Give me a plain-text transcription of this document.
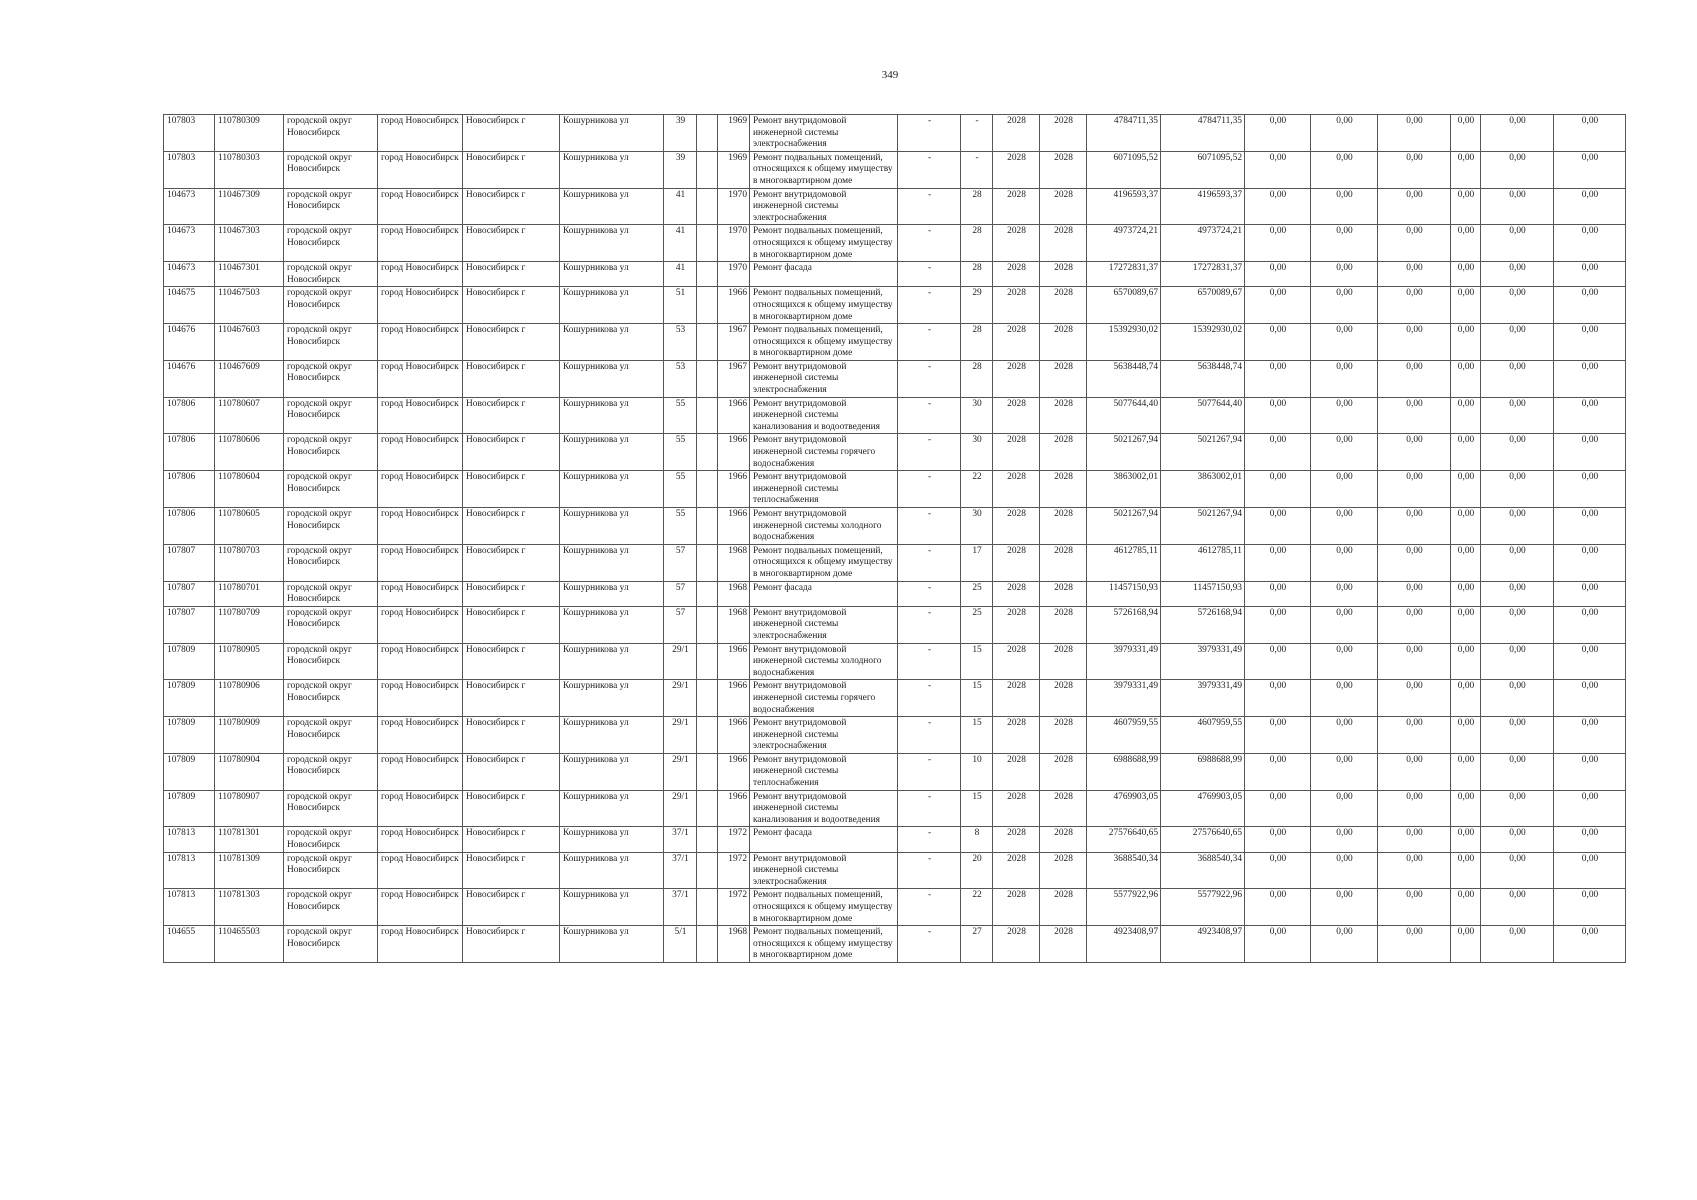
349
107803	110780309	городской округ Новосибирск	город Новосибирск	Новосибирск г	Кошурникова ул	39		1969	Ремонт внутридомовой инженерной системы электроснабжения	-	-	2028	2028	4784711,35	4784711,35	0,00	0,00	0,00	0,00	0,00	0,00
107803	110780303	городской округ Новосибирск	город Новосибирск	Новосибирск г	Кошурникова ул	39		1969	Ремонт подвальных помещений, относящихся к общему имуществу в многоквартирном доме	-	-	2028	2028	6071095,52	6071095,52	0,00	0,00	0,00	0,00	0,00	0,00
104673	110467309	городской округ Новосибирск	город Новосибирск	Новосибирск г	Кошурникова ул	41		1970	Ремонт внутридомовой инженерной системы электроснабжения	-	28	2028	2028	4196593,37	4196593,37	0,00	0,00	0,00	0,00	0,00	0,00
104673	110467303	городской округ Новосибирск	город Новосибирск	Новосибирск г	Кошурникова ул	41		1970	Ремонт подвальных помещений, относящихся к общему имуществу в многоквартирном доме	-	28	2028	2028	4973724,21	4973724,21	0,00	0,00	0,00	0,00	0,00	0,00
104673	110467301	городской округ Новосибирск	город Новосибирск	Новосибирск г	Кошурникова ул	41		1970	Ремонт фасада	-	28	2028	2028	17272831,37	17272831,37	0,00	0,00	0,00	0,00	0,00	0,00
104675	110467503	городской округ Новосибирск	город Новосибирск	Новосибирск г	Кошурникова ул	51		1966	Ремонт подвальных помещений, относящихся к общему имуществу в многоквартирном доме	-	29	2028	2028	6570089,67	6570089,67	0,00	0,00	0,00	0,00	0,00	0,00
104676	110467603	городской округ Новосибирск	город Новосибирск	Новосибирск г	Кошурникова ул	53		1967	Ремонт подвальных помещений, относящихся к общему имуществу в многоквартирном доме	-	28	2028	2028	15392930,02	15392930,02	0,00	0,00	0,00	0,00	0,00	0,00
104676	110467609	городской округ Новосибирск	город Новосибирск	Новосибирск г	Кошурникова ул	53		1967	Ремонт внутридомовой инженерной системы электроснабжения	-	28	2028	2028	5638448,74	5638448,74	0,00	0,00	0,00	0,00	0,00	0,00
107806	110780607	городской округ Новосибирск	город Новосибирск	Новосибирск г	Кошурникова ул	55		1966	Ремонт внутридомовой инженерной системы канализования и водоотведения	-	30	2028	2028	5077644,40	5077644,40	0,00	0,00	0,00	0,00	0,00	0,00
107806	110780606	городской округ Новосибирск	город Новосибирск	Новосибирск г	Кошурникова ул	55		1966	Ремонт внутридомовой инженерной системы горячего водоснабжения	-	30	2028	2028	5021267,94	5021267,94	0,00	0,00	0,00	0,00	0,00	0,00
107806	110780604	городской округ Новосибирск	город Новосибирск	Новосибирск г	Кошурникова ул	55		1966	Ремонт внутридомовой инженерной системы теплоснабжения	-	22	2028	2028	3863002,01	3863002,01	0,00	0,00	0,00	0,00	0,00	0,00
107806	110780605	городской округ Новосибирск	город Новосибирск	Новосибирск г	Кошурникова ул	55		1966	Ремонт внутридомовой инженерной системы холодного водоснабжения	-	30	2028	2028	5021267,94	5021267,94	0,00	0,00	0,00	0,00	0,00	0,00
107807	110780703	городской округ Новосибирск	город Новосибирск	Новосибирск г	Кошурникова ул	57		1968	Ремонт подвальных помещений, относящихся к общему имуществу в многоквартирном доме	-	17	2028	2028	4612785,11	4612785,11	0,00	0,00	0,00	0,00	0,00	0,00
107807	110780701	городской округ Новосибирск	город Новосибирск	Новосибирск г	Кошурникова ул	57		1968	Ремонт фасада	-	25	2028	2028	11457150,93	11457150,93	0,00	0,00	0,00	0,00	0,00	0,00
107807	110780709	городской округ Новосибирск	город Новосибирск	Новосибирск г	Кошурникова ул	57		1968	Ремонт внутридомовой инженерной системы электроснабжения	-	25	2028	2028	5726168,94	5726168,94	0,00	0,00	0,00	0,00	0,00	0,00
107809	110780905	городской округ Новосибирск	город Новосибирск	Новосибирск г	Кошурникова ул	29/1		1966	Ремонт внутридомовой инженерной системы холодного водоснабжения	-	15	2028	2028	3979331,49	3979331,49	0,00	0,00	0,00	0,00	0,00	0,00
107809	110780906	городской округ Новосибирск	город Новосибирск	Новосибирск г	Кошурникова ул	29/1		1966	Ремонт внутридомовой инженерной системы горячего водоснабжения	-	15	2028	2028	3979331,49	3979331,49	0,00	0,00	0,00	0,00	0,00	0,00
107809	110780909	городской округ Новосибирск	город Новосибирск	Новосибирск г	Кошурникова ул	29/1		1966	Ремонт внутридомовой инженерной системы электроснабжения	-	15	2028	2028	4607959,55	4607959,55	0,00	0,00	0,00	0,00	0,00	0,00
107809	110780904	городской округ Новосибирск	город Новосибирск	Новосибирск г	Кошурникова ул	29/1		1966	Ремонт внутридомовой инженерной системы теплоснабжения	-	10	2028	2028	6988688,99	6988688,99	0,00	0,00	0,00	0,00	0,00	0,00
107809	110780907	городской округ Новосибирск	город Новосибирск	Новосибирск г	Кошурникова ул	29/1		1966	Ремонт внутридомовой инженерной системы канализования и водоотведения	-	15	2028	2028	4769903,05	4769903,05	0,00	0,00	0,00	0,00	0,00	0,00
107813	110781301	городской округ Новосибирск	город Новосибирск	Новосибирск г	Кошурникова ул	37/1		1972	Ремонт фасада	-	8	2028	2028	27576640,65	27576640,65	0,00	0,00	0,00	0,00	0,00	0,00
107813	110781309	городской округ Новосибирск	город Новосибирск	Новосибирск г	Кошурникова ул	37/1		1972	Ремонт внутридомовой инженерной системы электроснабжения	-	20	2028	2028	3688540,34	3688540,34	0,00	0,00	0,00	0,00	0,00	0,00
107813	110781303	городской округ Новосибирск	город Новосибирск	Новосибирск г	Кошурникова ул	37/1		1972	Ремонт подвальных помещений, относящихся к общему имуществу в многоквартирном доме	-	22	2028	2028	5577922,96	5577922,96	0,00	0,00	0,00	0,00	0,00	0,00
104655	110465503	городской округ Новосибирск	город Новосибирск	Новосибирск г	Кошурникова ул	5/1		1968	Ремонт подвальных помещений, относящихся к общему имуществу в многоквартирном доме	-	27	2028	2028	4923408,97	4923408,97	0,00	0,00	0,00	0,00	0,00	0,00
